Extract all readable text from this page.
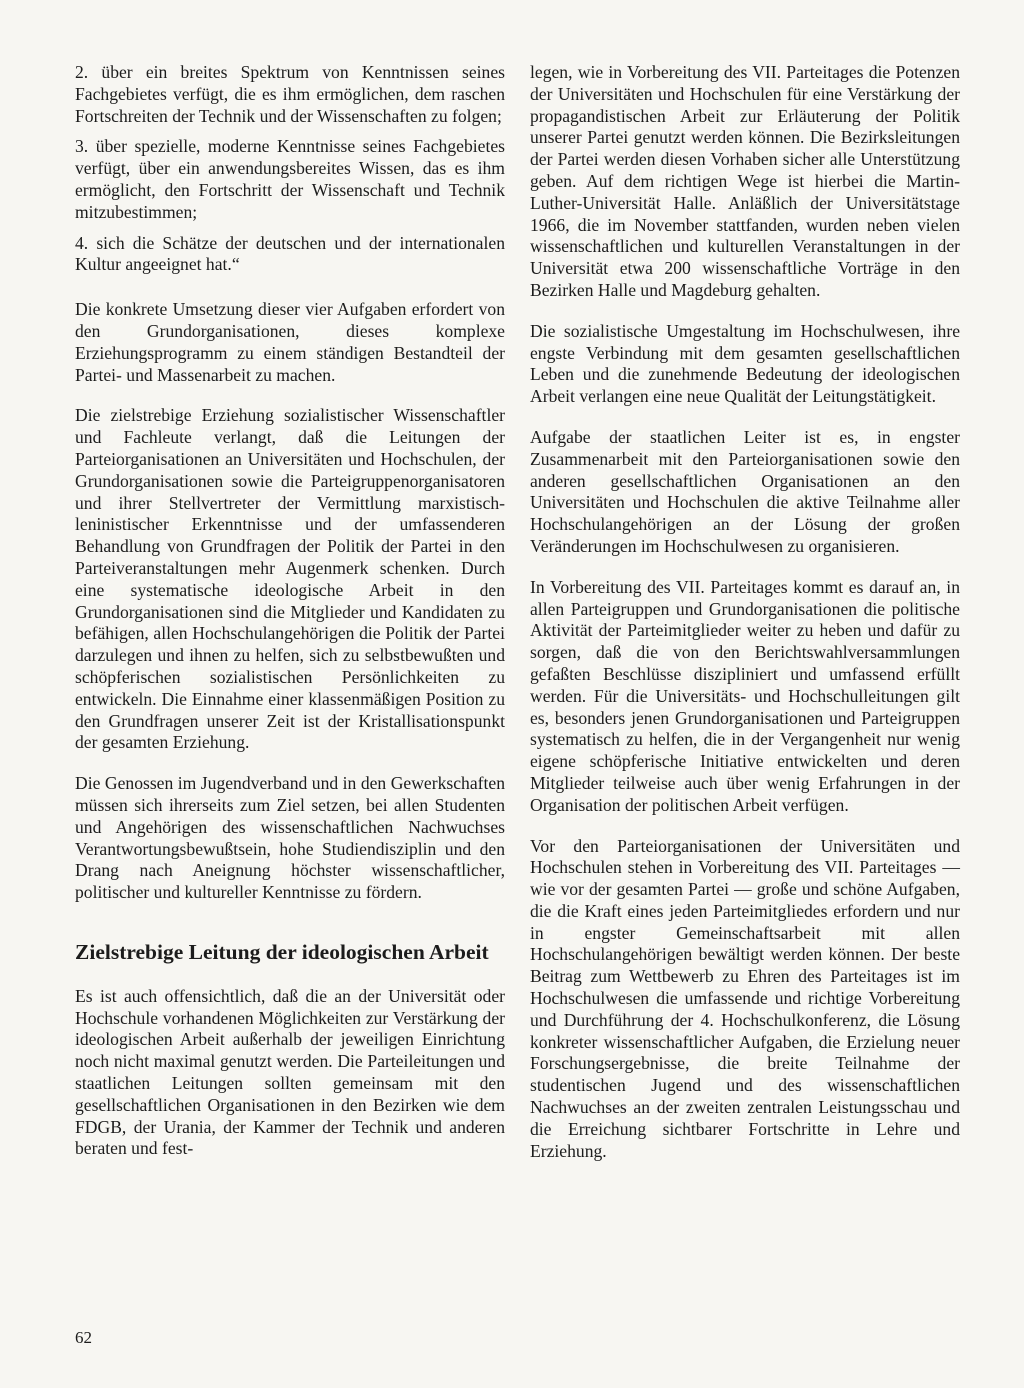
2. über ein breites Spektrum von Kenntnissen seines Fachgebietes verfügt, die es ihm ermöglichen, dem raschen Fortschreiten der Technik und der Wissenschaften zu folgen;

3. über spezielle, moderne Kenntnisse seines Fachgebietes verfügt, über ein anwendungsbereites Wissen, das es ihm ermöglicht, den Fortschritt der Wissenschaft und Technik mitzubestimmen;

4. sich die Schätze der deutschen und der internationalen Kultur angeeignet hat.“

Die konkrete Umsetzung dieser vier Aufgaben erfordert von den Grundorganisationen, dieses komplexe Erziehungsprogramm zu einem ständigen Bestandteil der Partei- und Massenarbeit zu machen.

Die zielstrebige Erziehung sozialistischer Wissenschaftler und Fachleute verlangt, daß die Leitungen der Parteiorganisationen an Universitäten und Hochschulen, der Grundorganisationen sowie die Parteigruppenorganisatoren und ihrer Stellvertreter der Vermittlung marxistisch-leninistischer Erkenntnisse und der umfassenderen Behandlung von Grundfragen der Politik der Partei in den Parteiveranstaltungen mehr Augenmerk schenken. Durch eine systematische ideologische Arbeit in den Grundorganisationen sind die Mitglieder und Kandidaten zu befähigen, allen Hochschulangehörigen die Politik der Partei darzulegen und ihnen zu helfen, sich zu selbstbewußten und schöpferischen sozialistischen Persönlichkeiten zu entwickeln. Die Einnahme einer klassenmäßigen Position zu den Grundfragen unserer Zeit ist der Kristallisationspunkt der gesamten Erziehung.

Die Genossen im Jugendverband und in den Gewerkschaften müssen sich ihrerseits zum Ziel setzen, bei allen Studenten und Angehörigen des wissenschaftlichen Nachwuchses Verantwortungsbewußtsein, hohe Studiendisziplin und den Drang nach Aneignung höchster wissenschaftlicher, politischer und kultureller Kenntnisse zu fördern.

Zielstrebige Leitung der ideologischen Arbeit

Es ist auch offensichtlich, daß die an der Universität oder Hochschule vorhandenen Möglichkeiten zur Verstärkung der ideologischen Arbeit außerhalb der jeweiligen Einrichtung noch nicht maximal genutzt werden. Die Parteileitungen und staatlichen Leitungen sollten gemeinsam mit den gesellschaftlichen Organisationen in den Bezirken wie dem FDGB, der Urania, der Kammer der Technik und anderen beraten und fest-

legen, wie in Vorbereitung des VII. Parteitages die Potenzen der Universitäten und Hochschulen für eine Verstärkung der propagandistischen Arbeit zur Erläuterung der Politik unserer Partei genutzt werden können. Die Bezirksleitungen der Partei werden diesen Vorhaben sicher alle Unterstützung geben. Auf dem richtigen Wege ist hierbei die Martin-Luther-Universität Halle. Anläßlich der Universitätstage 1966, die im November stattfanden, wurden neben vielen wissenschaftlichen und kulturellen Veranstaltungen in der Universität etwa 200 wissenschaftliche Vorträge in den Bezirken Halle und Magdeburg gehalten.

Die sozialistische Umgestaltung im Hochschulwesen, ihre engste Verbindung mit dem gesamten gesellschaftlichen Leben und die zunehmende Bedeutung der ideologischen Arbeit verlangen eine neue Qualität der Leitungstätigkeit.

Aufgabe der staatlichen Leiter ist es, in engster Zusammenarbeit mit den Parteiorganisationen sowie den anderen gesellschaftlichen Organisationen an den Universitäten und Hochschulen die aktive Teilnahme aller Hochschulangehörigen an der Lösung der großen Veränderungen im Hochschulwesen zu organisieren.

In Vorbereitung des VII. Parteitages kommt es darauf an, in allen Parteigruppen und Grundorganisationen die politische Aktivität der Parteimitglieder weiter zu heben und dafür zu sorgen, daß die von den Berichtswahlversammlungen gefaßten Beschlüsse diszipliniert und umfassend erfüllt werden. Für die Universitäts- und Hochschulleitungen gilt es, besonders jenen Grundorganisationen und Parteigruppen systematisch zu helfen, die in der Vergangenheit nur wenig eigene schöpferische Initiative entwickelten und deren Mitglieder teilweise auch über wenig Erfahrungen in der Organisation der politischen Arbeit verfügen.

Vor den Parteiorganisationen der Universitäten und Hochschulen stehen in Vorbereitung des VII. Parteitages — wie vor der gesamten Partei — große und schöne Aufgaben, die die Kraft eines jeden Parteimitgliedes erfordern und nur in engster Gemeinschaftsarbeit mit allen Hochschulangehörigen bewältigt werden können. Der beste Beitrag zum Wettbewerb zu Ehren des Parteitages ist im Hochschulwesen die umfassende und richtige Vorbereitung und Durchführung der 4. Hochschulkonferenz, die Lösung konkreter wissenschaftlicher Aufgaben, die Erzielung neuer Forschungsergebnisse, die breite Teilnahme der studentischen Jugend und des wissenschaftlichen Nachwuchses an der zweiten zentralen Leistungsschau und die Erreichung sichtbarer Fortschritte in Lehre und Erziehung.

62
